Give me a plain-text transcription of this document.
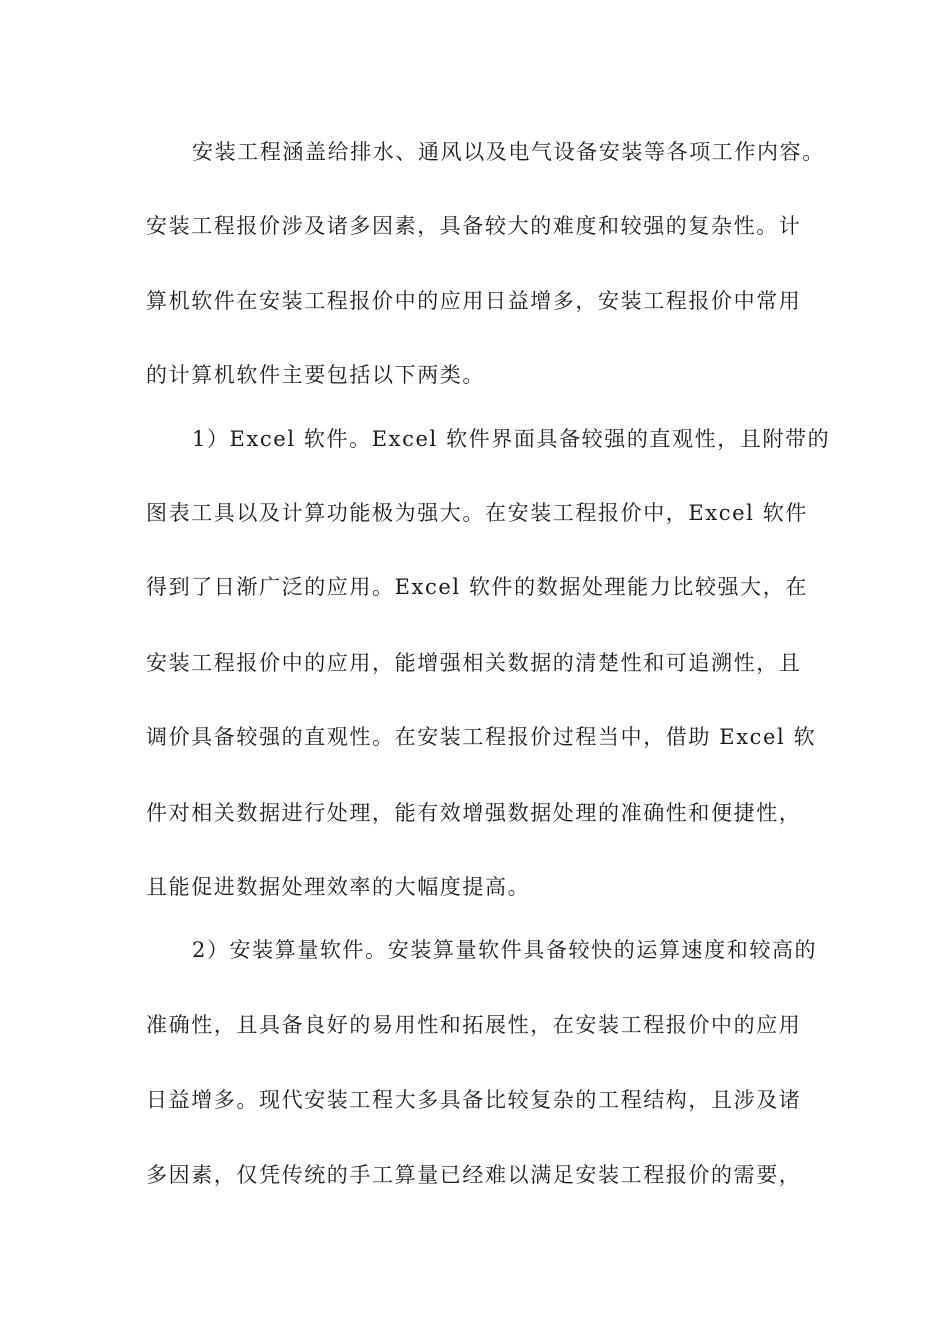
安装工程涵盖给排水、通风以及电气设备安装等各项工作内容。
安装工程报价涉及诸多因素，具备较大的难度和较强的复杂性。计
算机软件在安装工程报价中的应用日益增多，安装工程报价中常用
的计算机软件主要包括以下两类。
1）Excel 软件。Excel 软件界面具备较强的直观性，且附带的
图表工具以及计算功能极为强大。在安装工程报价中，Excel 软件
得到了日渐广泛的应用。Excel 软件的数据处理能力比较强大，在
安装工程报价中的应用，能增强相关数据的清楚性和可追溯性，且
调价具备较强的直观性。在安装工程报价过程当中，借助 Excel 软
件对相关数据进行处理，能有效增强数据处理的准确性和便捷性，
且能促进数据处理效率的大幅度提高。
2）安装算量软件。安装算量软件具备较快的运算速度和较高的
准确性，且具备良好的易用性和拓展性，在安装工程报价中的应用
日益增多。现代安装工程大多具备比较复杂的工程结构，且涉及诸
多因素，仅凭传统的手工算量已经难以满足安装工程报价的需要，
